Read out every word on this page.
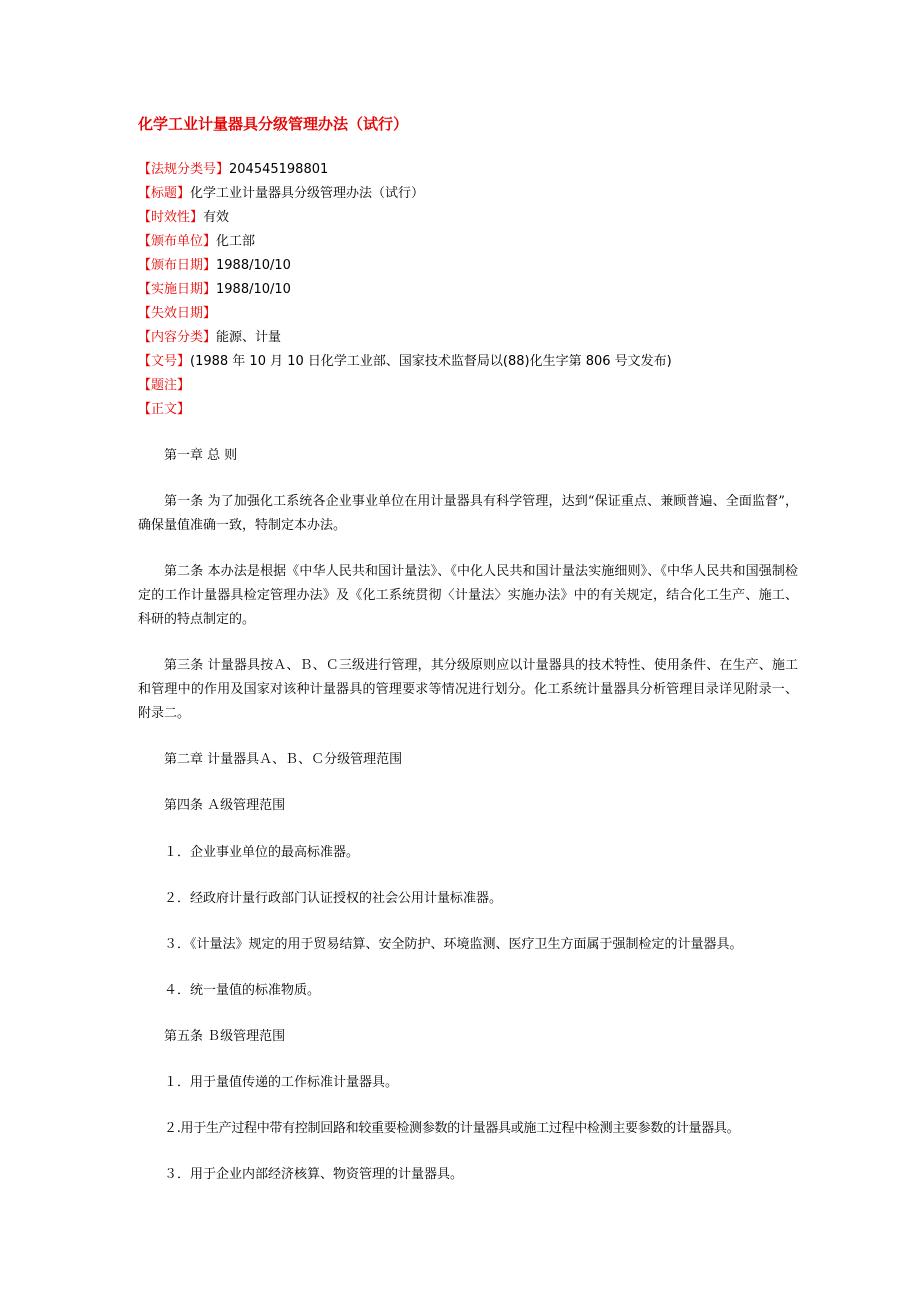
化学工业计量器具分级管理办法（试行）
【法规分类号】204545198801
【标题】化学工业计量器具分级管理办法（试行）
【时效性】有效
【颁布单位】化工部
【颁布日期】1988/10/10
【实施日期】1988/10/10
【失效日期】
【内容分类】能源、计量
【文号】(1988 年 10 月 10 日化学工业部、国家技术监督局以(88)化生字第 806 号文发布)
【题注】
【正文】
第一章 总 则
第一条 为了加强化工系统各企业事业单位在用计量器具有科学管理，达到“保证重点、兼顾普遍、全面监督”，确保量值准确一致，特制定本办法。
第二条 本办法是根据《中华人民共和国计量法》、《中化人民共和国计量法实施细则》、《中华人民共和国强制检定的工作计量器具检定管理办法》及《化工系统贯彻〈计量法〉实施办法》中的有关规定，结合化工生产、施工、科研的特点制定的。
第三条 计量器具按Ａ、Ｂ、Ｃ三级进行管理，其分级原则应以计量器具的技术特性、使用条件、在生产、施工和管理中的作用及国家对该种计量器具的管理要求等情况进行划分。化工系统计量器具分析管理目录详见附录一、附录二。
第二章 计量器具Ａ、Ｂ、Ｃ分级管理范围
第四条 Ａ级管理范围
１．企业事业单位的最高标准器。
２．经政府计量行政部门认证授权的社会公用计量标准器。
３．《计量法》规定的用于贸易结算、安全防护、环境监测、医疗卫生方面属于强制检定的计量器具。
４．统一量值的标准物质。
第五条 Ｂ级管理范围
１．用于量值传递的工作标准计量器具。
２.用于生产过程中带有控制回路和较重要检测参数的计量器具或施工过程中检测主要参数的计量器具。
３．用于企业内部经济核算、物资管理的计量器具。
